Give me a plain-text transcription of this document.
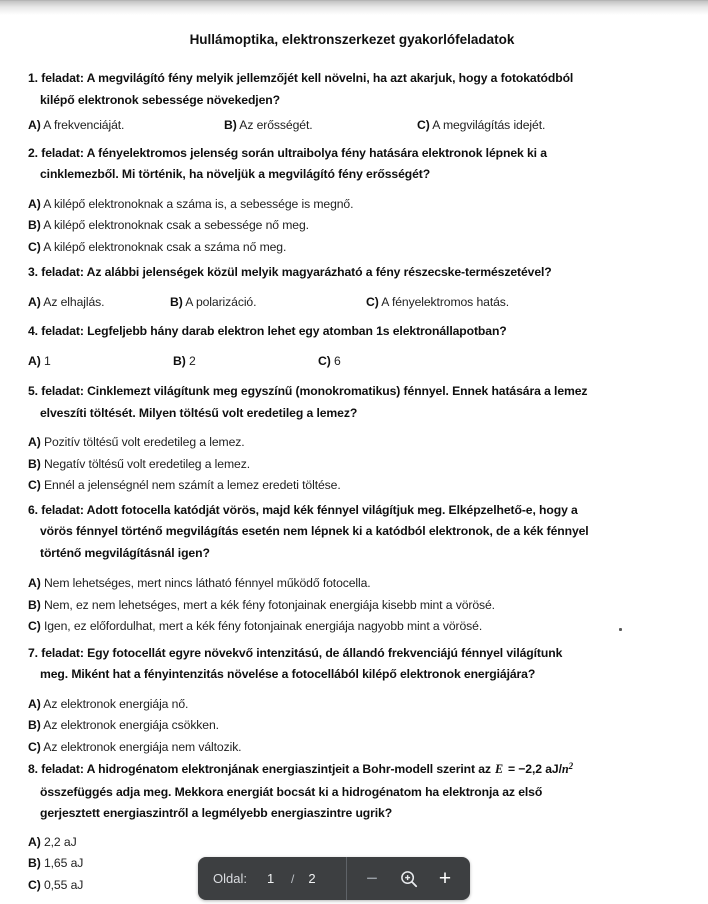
Hullámoptika, elektronszerkezet gyakorlófeladatok
1. feladat: A megvilágító fény melyik jellemzőjét kell növelni, ha azt akarjuk, hogy a fotokatódból
kilépő elektronok sebessége növekedjen?
A) A frekvenciáját.	B) Az erősségét.	C) A megvilágítás idejét.
2. feladat: A fényelektromos jelenség során ultraibolya fény hatására elektronok lépnek ki a
cinklemezből. Mi történik, ha növeljük a megvilágító fény erősségét?
A) A kilépő elektronoknak a száma is, a sebessége is megnő.
B) A kilépő elektronoknak csak a sebessége nő meg.
C) A kilépő elektronoknak csak a száma nő meg.
3. feladat: Az alábbi jelenségek közül melyik magyarázható a fény részecske-természetével?
A) Az elhajlás.	B) A polarizáció.	C) A fényelektromos hatás.
4. feladat: Legfeljebb hány darab elektron lehet egy atomban 1s elektronállapotban?
A) 1	B) 2	C) 6
5. feladat: Cinklemezt világítunk meg egyszínű (monokromatikus) fénnyel. Ennek hatására a lemez
elveszíti töltését. Milyen töltésű volt eredetileg a lemez?
A) Pozitív töltésű volt eredetileg a lemez.
B) Negatív töltésű volt eredetileg a lemez.
C) Ennél a jelenségnél nem számít a lemez eredeti töltése.
6. feladat: Adott fotocella katódját vörös, majd kék fénnyel világítjuk meg. Elképzelhető-e, hogy a
vörös fénnyel történő megvilágítás esetén nem lépnek ki a katódból elektronok, de a kék fénnyel
történő megvilágításnál igen?
A) Nem lehetséges, mert nincs látható fénnyel működő fotocella.
B) Nem, ez nem lehetséges, mert a kék fény fotonjainak energiája kisebb mint a vörösé.
C) Igen, ez előfordulhat, mert a kék fény fotonjainak energiája nagyobb mint a vörösé.
7. feladat: Egy fotocellát egyre növekvő intenzitású, de állandó frekvenciájú fénnyel világítunk
meg. Miként hat a fényintenzitás növelése a fotocellából kilépő elektronok energiájára?
A) Az elektronok energiája nő.
B) Az elektronok energiája csökken.
C) Az elektronok energiája nem változik.
8. feladat: A hidrogénatom elektronjának energiaszintjeit a Bohr-modell szerint az E = −2,2 $aJ/n^2$
összefüggés adja meg. Mekkora energiát bocsát ki a hidrogénatom ha elektronja az első
gerjesztett energiaszintről a legmélyebb energiaszintre ugrik?
A) 2,2 aJ
B) 1,65 aJ
C) 0,55 aJ	Oldal:
1	/ 2	−	+
